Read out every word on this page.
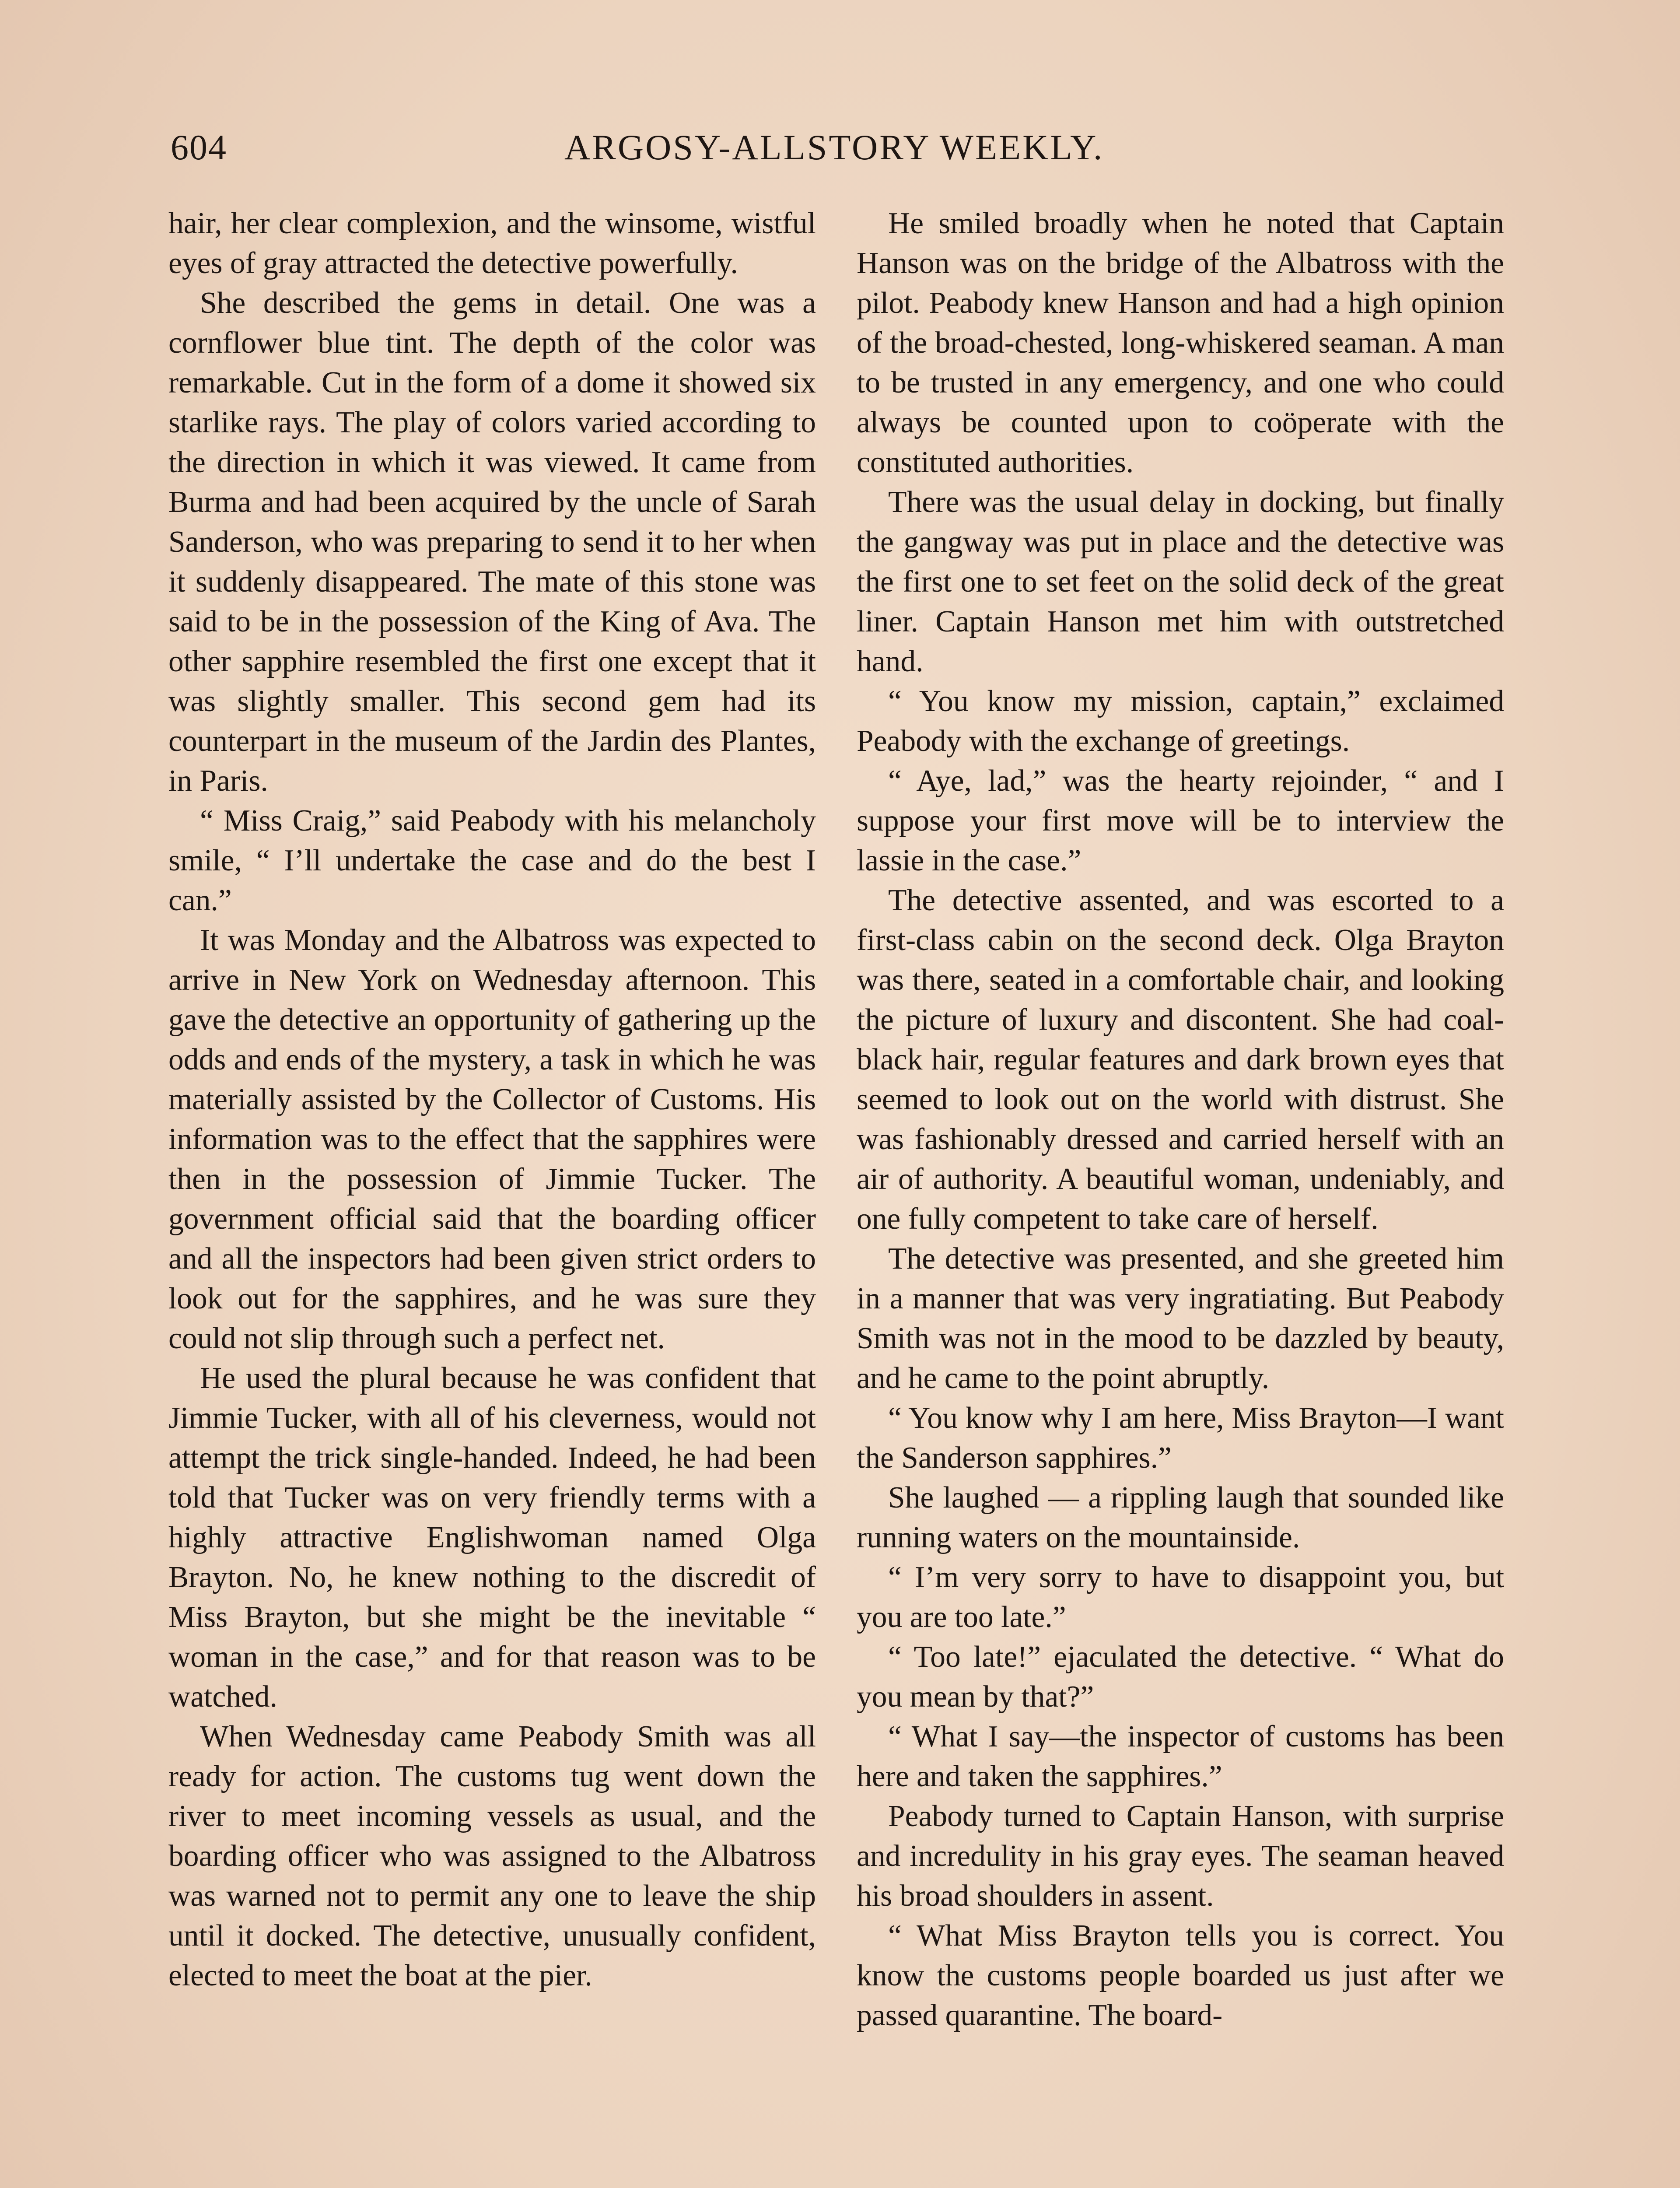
604	ARGOSY-ALLSTORY WEEKLY.

hair, her clear complexion, and the winsome, wistful eyes of gray attracted the detective powerfully.

She described the gems in detail. One was a cornflower blue tint. The depth of the color was remarkable. Cut in the form of a dome it showed six starlike rays. The play of colors varied according to the direction in which it was viewed. It came from Burma and had been acquired by the uncle of Sarah Sanderson, who was preparing to send it to her when it suddenly disappeared. The mate of this stone was said to be in the possession of the King of Ava. The other sapphire resembled the first one except that it was slightly smaller. This second gem had its counterpart in the museum of the Jardin des Plantes, in Paris.

“ Miss Craig,” said Peabody with his melancholy smile, “ I’ll undertake the case and do the best I can.”

It was Monday and the Albatross was expected to arrive in New York on Wednesday afternoon. This gave the detective an opportunity of gathering up the odds and ends of the mystery, a task in which he was materially assisted by the Collector of Customs. His information was to the effect that the sapphires were then in the possession of Jimmie Tucker. The government official said that the boarding officer and all the inspectors had been given strict orders to look out for the sapphires, and he was sure they could not slip through such a perfect net.

He used the plural because he was confident that Jimmie Tucker, with all of his cleverness, would not attempt the trick single-handed. Indeed, he had been told that Tucker was on very friendly terms with a highly attractive Englishwoman named Olga Brayton. No, he knew nothing to the discredit of Miss Brayton, but she might be the inevitable “ woman in the case,” and for that reason was to be watched.

When Wednesday came Peabody Smith was all ready for action. The customs tug went down the river to meet incoming vessels as usual, and the boarding officer who was assigned to the Albatross was warned not to permit any one to leave the ship until it docked. The detective, unusually confident, elected to meet the boat at the pier.

He smiled broadly when he noted that Captain Hanson was on the bridge of the Albatross with the pilot. Peabody knew Hanson and had a high opinion of the broad-chested, long-whiskered seaman. A man to be trusted in any emergency, and one who could always be counted upon to coöperate with the constituted authorities.

There was the usual delay in docking, but finally the gangway was put in place and the detective was the first one to set feet on the solid deck of the great liner. Captain Hanson met him with outstretched hand.

“ You know my mission, captain,” exclaimed Peabody with the exchange of greetings.

“ Aye, lad,” was the hearty rejoinder, “ and I suppose your first move will be to interview the lassie in the case.”

The detective assented, and was escorted to a first-class cabin on the second deck. Olga Brayton was there, seated in a comfortable chair, and looking the picture of luxury and discontent. She had coal-black hair, regular features and dark brown eyes that seemed to look out on the world with distrust. She was fashionably dressed and carried herself with an air of authority. A beautiful woman, undeniably, and one fully competent to take care of herself.

The detective was presented, and she greeted him in a manner that was very ingratiating. But Peabody Smith was not in the mood to be dazzled by beauty, and he came to the point abruptly.

“ You know why I am here, Miss Brayton—I want the Sanderson sapphires.”

She laughed — a rippling laugh that sounded like running waters on the mountainside.

“ I’m very sorry to have to disappoint you, but you are too late.”

“ Too late!” ejaculated the detective. “ What do you mean by that?”

“ What I say—the inspector of customs has been here and taken the sapphires.”

Peabody turned to Captain Hanson, with surprise and incredulity in his gray eyes. The seaman heaved his broad shoulders in assent.

“ What Miss Brayton tells you is correct. You know the customs people boarded us just after we passed quarantine. The board-
